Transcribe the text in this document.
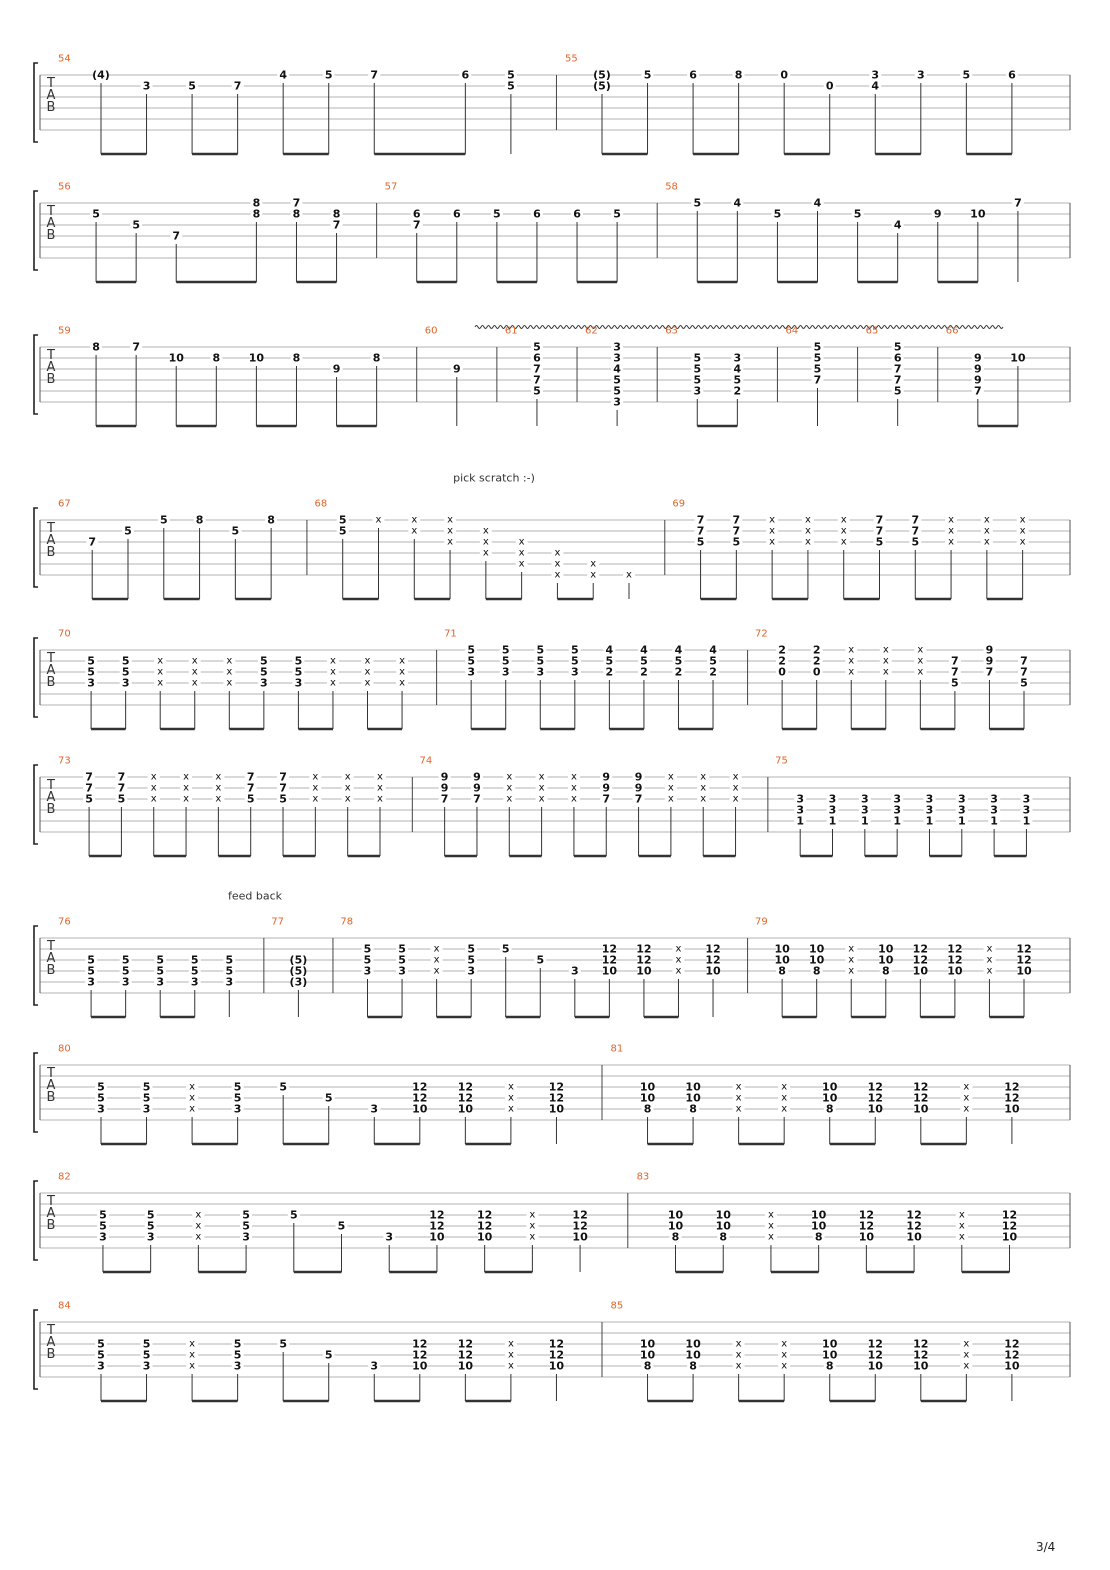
T
A
B
54
(4)
3	5	7
4	5	7	6	5
5
55
(5)
(5)
5	6	8	0
0
3
4
3	5	6
T
A
B
56
5
5
7
8
8
7
8	8
7
57
6
7
6	5	6	6	5
58
5	4
5
4
5
4
9	10
7
T
A
B
59
8	7
10	8	10	8
9
8
60
9
61
5
6
7
7
5
62
3
3
4
5
5
3
63
5
5
5
3
3
4
5
2
64
5
5
5
7
65
5
6
7
7
5
66
9
9
9
7
10
T
A
B
pick scratch :-)
67
7
5
5	8
5
8
68
5
5
x	x
x
x
x
x
x
x
x
x
x
x
x
x
x
x
x	x
69
7
7
5
7
7
5
x
x
x
x
x
x
x
x
x
7
7
5
7
7
5
x
x
x
x
x
x
x
x
x
T
A
B
70
5
5
3
5
5
3
x
x
x
x
x
x
x
x
x
5
5
3
5
5
3
x
x
x
x
x
x
x
x
x
71
5
5
3
5
5
3
5
5
3
5
5
3
4
5
2
4
5
2
4
5
2
4
5
2
72
2
2
0
2
2
0
x
x
x
x
x
x
x
x
x
7
7
5
9
9
7
7
7
5
T
A
B
73
7
7
5
7
7
5
x
x
x
x
x
x
x
x
x
7
7
5
7
7
5
x
x
x
x
x
x
x
x
x
74
9
9
7
9
9
7
x
x
x
x
x
x
x
x
x
9
9
7
9
9
7
x
x
x
x
x
x
x
x
x
75
3
3
1
3
3
1
3
3
1
3
3
1
3
3
1
3
3
1
3
3
1
3
3
1
T
A
B
feed back
76
5
5
3
5
5
3
5
5
3
5
5
3
5
5
3
77
(5)
(5)
(3)
78
5
5
3
5
5
3
x
x
x
5
5
3
5
5
3
12
12
10
12
12
10
x
x
x
12
12
10
79
10
10
8
10
10
8
x
x
x
10
10
8
12
12
10
12
12
10
x
x
x
12
12
10
T
A
B
80
5
5
3
5
5
3
x
x
x
5
5
3
5
5
3
12
12
10
12
12
10
x
x
x
12
12
10
81
10
10
8
10
10
8
x
x
x
x
x
x
10
10
8
12
12
10
12
12
10
x
x
x
12
12
10
T
A
B
82
5
5
3
5
5
3
x
x
x
5
5
3
5
5
3
12
12
10
12
12
10
x
x
x
12
12
10
83
10
10
8
10
10
8
x
x
x
10
10
8
12
12
10
12
12
10
x
x
x
12
12
10
T
A
B
84
5
5
3
5
5
3
x
x
x
5
5
3
5
5
3
12
12
10
12
12
10
x
x
x
12
12
10
85
10
10
8
10
10
8
x
x
x
x
x
x
10
10
8
12
12
10
12
12
10
x
x
x
12
12
10
3/4
